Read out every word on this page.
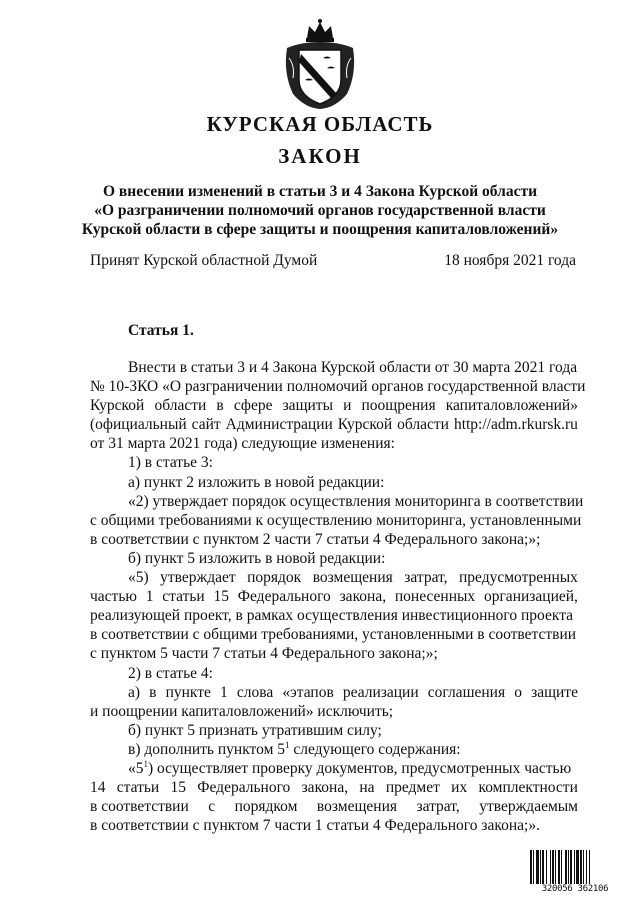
КУРСКАЯ ОБЛАСТЬ
ЗАКОН
О внесении изменений в статьи 3 и 4 Закона Курской области
«О разграничении полномочий органов государственной власти
Курской области в сфере защиты и поощрения капиталовложений»
Принят Курской областной Думой	18 ноября 2021 года
Статья 1.
Внести в статьи 3 и 4 Закона Курской области от 30 марта 2021 года
№ 10-ЗКО «О разграничении полномочий органов государственной власти
Курской области в сфере защиты и поощрения капиталовложений»
(официальный сайт Администрации Курской области http://adm.rkursk.ru
от 31 марта 2021 года) следующие изменения:
1) в статье 3:
а) пункт 2 изложить в новой редакции:
«2) утверждает порядок осуществления мониторинга в соответствии
с общими требованиями к осуществлению мониторинга, установленными
в соответствии с пунктом 2 части 7 статьи 4 Федерального закона;»;
б) пункт 5 изложить в новой редакции:
«5) утверждает порядок возмещения затрат, предусмотренных
частью 1 статьи 15 Федерального закона, понесенных организацией,
реализующей проект, в рамках осуществления инвестиционного проекта
в соответствии с общими требованиями, установленными в соответствии
с пунктом 5 части 7 статьи 4 Федерального закона;»;
2) в статье 4:
а) в пункте 1 слова «этапов реализации соглашения о защите
и поощрении капиталовложений» исключить;
б) пункт 5 признать утратившим силу;
в) дополнить пунктом $5^1$ следующего содержания:
«$5^1$) осуществляет проверку документов, предусмотренных частью
14 статьи 15 Федерального закона, на предмет их комплектности
в соответствии с порядком возмещения затрат, утверждаемым
в соответствии с пунктом 7 части 1 статьи 4 Федерального закона;».
320056 362106
